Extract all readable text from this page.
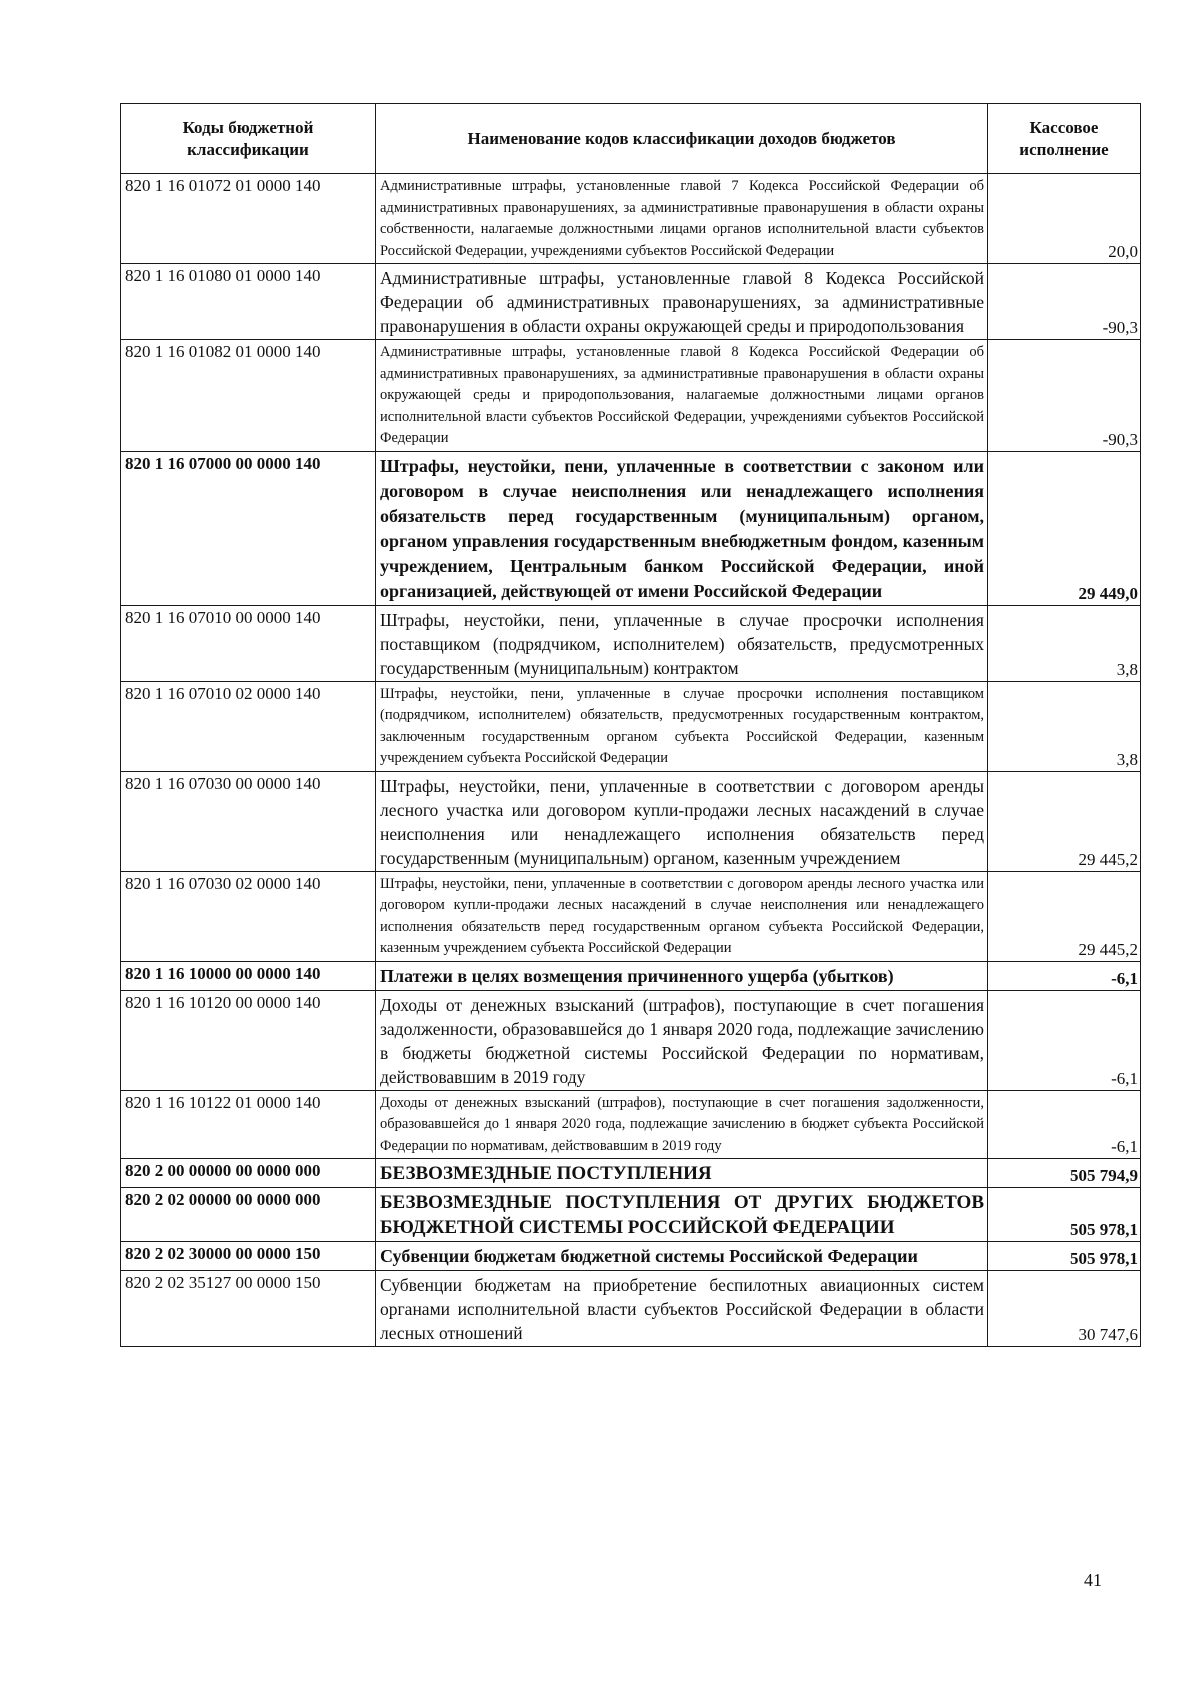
Коды бюджетной классификации	Наименование кодов классификации доходов бюджетов	Кассовое исполнение
820 1 16 01072 01 0000 140	Административные штрафы, установленные главой 7 Кодекса Российской Федерации об административных правонарушениях, за административные правонарушения в области охраны собственности, налагаемые должностными лицами органов исполнительной власти субъектов Российской Федерации, учреждениями субъектов Российской Федерации	20,0
820 1 16 01080 01 0000 140	Административные штрафы, установленные главой 8 Кодекса Российской Федерации об административных правонарушениях, за административные правонарушения в области охраны окружающей среды и природопользования	-90,3
820 1 16 01082 01 0000 140	Административные штрафы, установленные главой 8 Кодекса Российской Федерации об административных правонарушениях, за административные правонарушения в области охраны окружающей среды и природопользования, налагаемые должностными лицами органов исполнительной власти субъектов Российской Федерации, учреждениями субъектов Российской Федерации	-90,3
820 1 16 07000 00 0000 140	Штрафы, неустойки, пени, уплаченные в соответствии с законом или договором в случае неисполнения или ненадлежащего исполнения обязательств перед государственным (муниципальным) органом, органом управления государственным внебюджетным фондом, казенным учреждением, Центральным банком Российской Федерации, иной организацией, действующей от имени Российской Федерации	29 449,0
820 1 16 07010 00 0000 140	Штрафы, неустойки, пени, уплаченные в случае просрочки исполнения поставщиком (подрядчиком, исполнителем) обязательств, предусмотренных государственным (муниципальным) контрактом	3,8
820 1 16 07010 02 0000 140	Штрафы, неустойки, пени, уплаченные в случае просрочки исполнения поставщиком (подрядчиком, исполнителем) обязательств, предусмотренных государственным контрактом, заключенным государственным органом субъекта Российской Федерации, казенным учреждением субъекта Российской Федерации	3,8
820 1 16 07030 00 0000 140	Штрафы, неустойки, пени, уплаченные в соответствии с договором аренды лесного участка или договором купли-продажи лесных насаждений в случае неисполнения или ненадлежащего исполнения обязательств перед государственным (муниципальным) органом, казенным учреждением	29 445,2
820 1 16 07030 02 0000 140	Штрафы, неустойки, пени, уплаченные в соответствии с договором аренды лесного участка или договором купли-продажи лесных насаждений в случае неисполнения или ненадлежащего исполнения обязательств перед государственным органом субъекта Российской Федерации, казенным учреждением субъекта Российской Федерации	29 445,2
820 1 16 10000 00 0000 140	Платежи в целях возмещения причиненного ущерба (убытков)	-6,1
820 1 16 10120 00 0000 140	Доходы от денежных взысканий (штрафов), поступающие в счет погашения задолженности, образовавшейся до 1 января 2020 года, подлежащие зачислению в бюджеты бюджетной системы Российской Федерации по нормативам, действовавшим в 2019 году	-6,1
820 1 16 10122 01 0000 140	Доходы от денежных взысканий (штрафов), поступающие в счет погашения задолженности, образовавшейся до 1 января 2020 года, подлежащие зачислению в бюджет субъекта Российской Федерации по нормативам, действовавшим в 2019 году	-6,1
820 2 00 00000 00 0000 000	БЕЗВОЗМЕЗДНЫЕ ПОСТУПЛЕНИЯ	505 794,9
820 2 02 00000 00 0000 000	БЕЗВОЗМЕЗДНЫЕ ПОСТУПЛЕНИЯ ОТ ДРУГИХ БЮДЖЕТОВ БЮДЖЕТНОЙ СИСТЕМЫ РОССИЙСКОЙ ФЕДЕРАЦИИ	505 978,1
820 2 02 30000 00 0000 150	Субвенции бюджетам бюджетной системы Российской Федерации	505 978,1
820 2 02 35127 00 0000 150	Субвенции бюджетам на приобретение беспилотных авиационных систем органами исполнительной власти субъектов Российской Федерации в области лесных отношений	30 747,6
41
